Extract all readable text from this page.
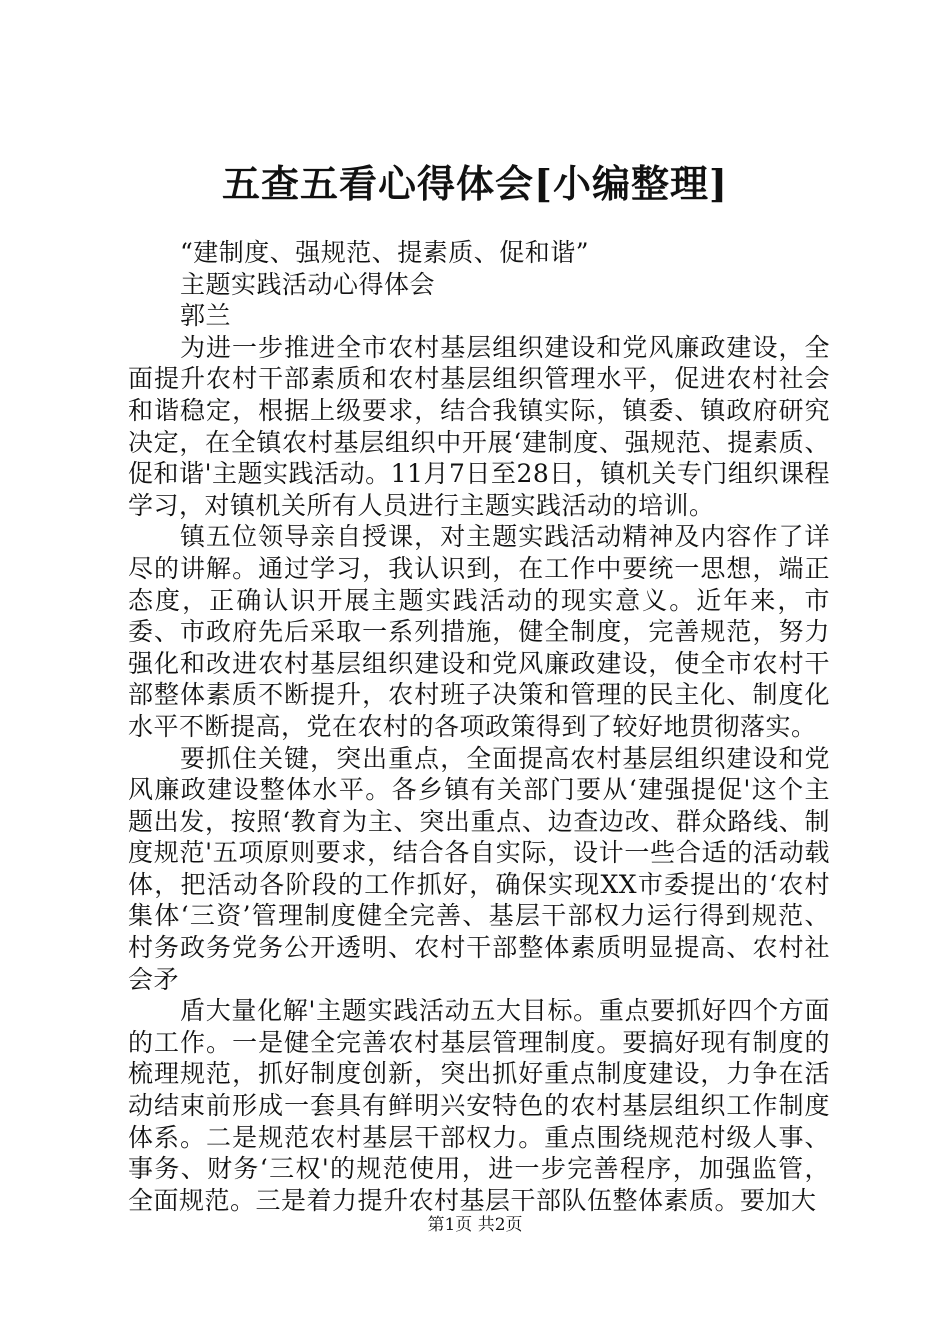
五查五看心得体会[小编整理]
“建制度、强规范、提素质、促和谐”
主题实践活动心得体会
郭兰

为进一步推进全市农村基层组织建设和党风廉政建设，全面提升农村干部素质和农村基层组织管理水平，促进农村社会和谐稳定，根据上级要求，结合我镇实际，镇委、镇政府研究决定，在全镇农村基层组织中开展‘建制度、强规范、提素质、促和谐'主题实践活动。11月7日至28日，镇机关专门组织课程学习，对镇机关所有人员进行主题实践活动的培训。

镇五位领导亲自授课，对主题实践活动精神及内容作了详尽的讲解。通过学习，我认识到，在工作中要统一思想，端正态度，正确认识开展主题实践活动的现实意义。近年来，市委、市政府先后采取一系列措施，健全制度，完善规范，努力强化和改进农村基层组织建设和党风廉政建设，使全市农村干部整体素质不断提升，农村班子决策和管理的民主化、制度化水平不断提高，党在农村的各项政策得到了较好地贯彻落实。

要抓住关键，突出重点，全面提高农村基层组织建设和党风廉政建设整体水平。各乡镇有关部门要从‘建强提促'这个主题出发，按照‘教育为主、突出重点、边查边改、群众路线、制度规范'五项原则要求，结合各自实际，设计一些合适的活动载体，把活动各阶段的工作抓好，确保实现XX市委提出的‘农村集体‘三资’管理制度健全完善、基层干部权力运行得到规范、村务政务党务公开透明、农村干部整体素质明显提高、农村社会矛

盾大量化解'主题实践活动五大目标。重点要抓好四个方面的工作。一是健全完善农村基层管理制度。要搞好现有制度的梳理规范，抓好制度创新，突出抓好重点制度建设，力争在活动结束前形成一套具有鲜明兴安特色的农村基层组织工作制度体系。二是规范农村基层干部权力。重点围绕规范村级人事、事务、财务‘三权'的规范使用，进一步完善程序，加强监管，全面规范。三是着力提升农村基层干部队伍整体素质。要加大

第1页 共2页
